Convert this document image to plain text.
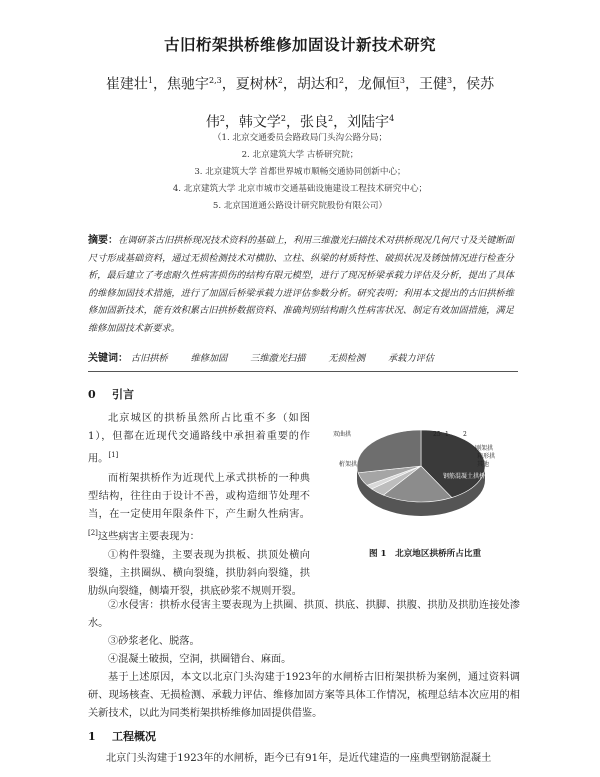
古旧桁架拱桥维修加固设计新技术研究
崔建壮$^1$，焦驰宇$^{2,3}$，夏树林$^2$，胡达和$^2$，龙佩恒$^3$，王健$^3$，侯苏
伟$^2$，韩文学$^2$，张良$^2$，刘陆宇$^4$
（1. 北京交通委员会路政局门头沟公路分局；
2. 北京建筑大学 古桥研究院；
3. 北京建筑大学 首都世界城市顺畅交通协同创新中心；
4. 北京建筑大学 北京市城市交通基础设施建设工程技术研究中心；
5. 北京国道通公路设计研究院股份有限公司）
摘要：在调研茶古旧拱桥现况技术资料的基础上，利用三维激光扫描技术对拱桥现况几何尺寸及关键断面尺寸形成基础资料，通过无损检测技术对横肋、立柱、纵梁的材质特性、破损状况及锈蚀情况进行检查分析，最后建立了考虑耐久性病害损伤的结构有限元模型，进行了现况桥梁承载力评估及分析，提出了具体的维修加固技术措施，进行了加固后桥梁承载力进评估参数分析。研究表明；利用本文提出的古旧拱桥维修加固新技术，能有效积累古旧拱桥数据资料、准确判别结构耐久性病害状况、制定有效加固措施，满足维修加固技术新要求。
关键词： 古旧拱桥 维修加固 三维激光扫描 无损检测 承载力评估
0 引言

北京城区的拱桥虽然所占比重不多（如图1），但都在近现代交通路线中承担着重要的作用。[1]

而桁架拱桥作为近现代上承式拱桥的一种典型结构，往往由于设计不善，或构造细节处理不当，在一定使用年限条件下，产生耐久性病害。[2]这些病害主要表现为：

①构件裂缝，主要表现为拱板、拱顶处横向裂缝，主拱圈纵、横向裂缝，拱肋斜向裂缝，拱肋纵向裂缝，侧墙开裂，拱底砂浆不规则开裂。

双曲拱	25 1 2
桁架拱
钢筋混凝土拱桥
刚架拱
箱形拱
其他
图 1　北京地区拱桥所占比重

②水侵害：拱桥水侵害主要表现为上拱圈、拱顶、拱底、拱脚、拱腹、拱肋及拱肋连接处渗水。

③砂浆老化、脱落。

④混凝土破损，空洞，拱圈错台、麻面。

基于上述原因，本文以北京门头沟建于1923年的水闸桥古旧桁架拱桥为案例，通过资料调研、现场核查、无损检测、承载力评估、维修加固方案等具体工作情况，梳理总结本次应用的相关新技术，以此为同类桁架拱桥维修加固提供借鉴。

1 工程概况
北京门头沟建于1923年的水闸桥，距今已有91年，是近代建造的一座典型钢筋混凝土
